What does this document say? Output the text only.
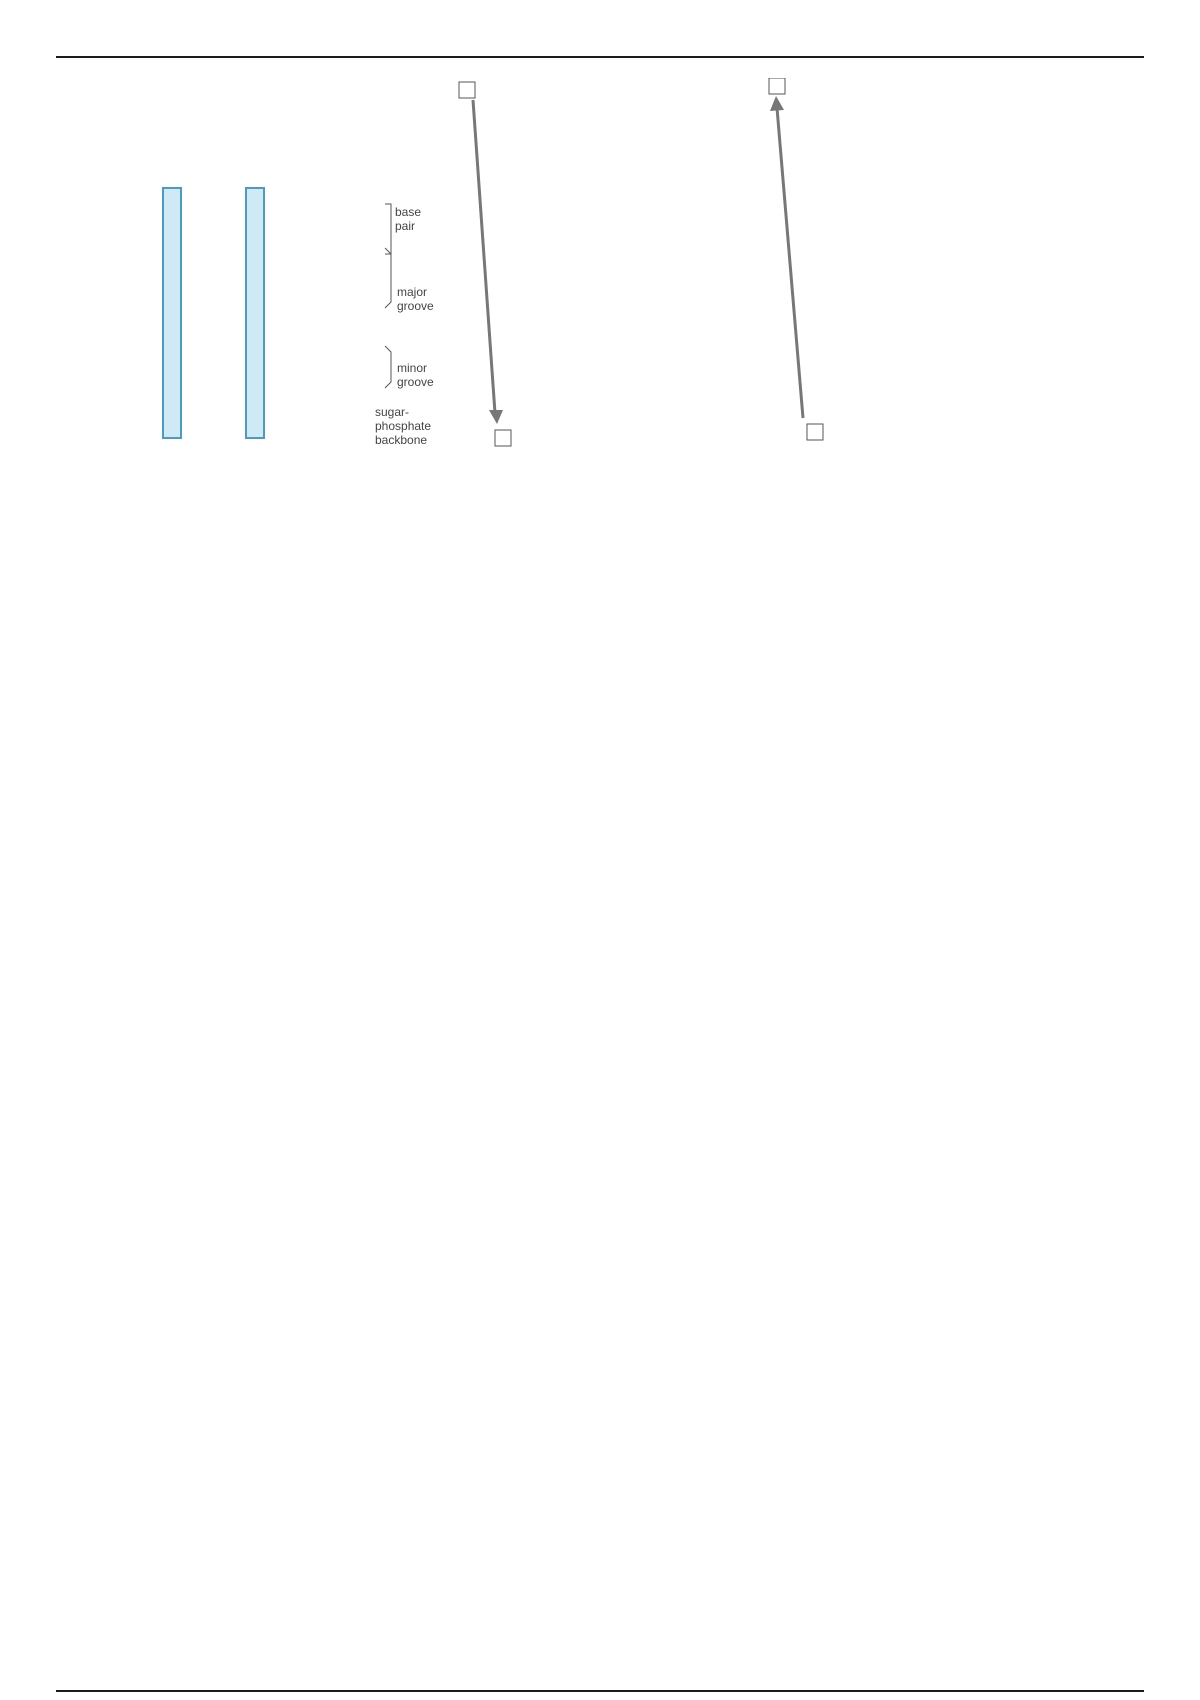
base pair
major groove
minor groove
sugar-phosphate backbone
